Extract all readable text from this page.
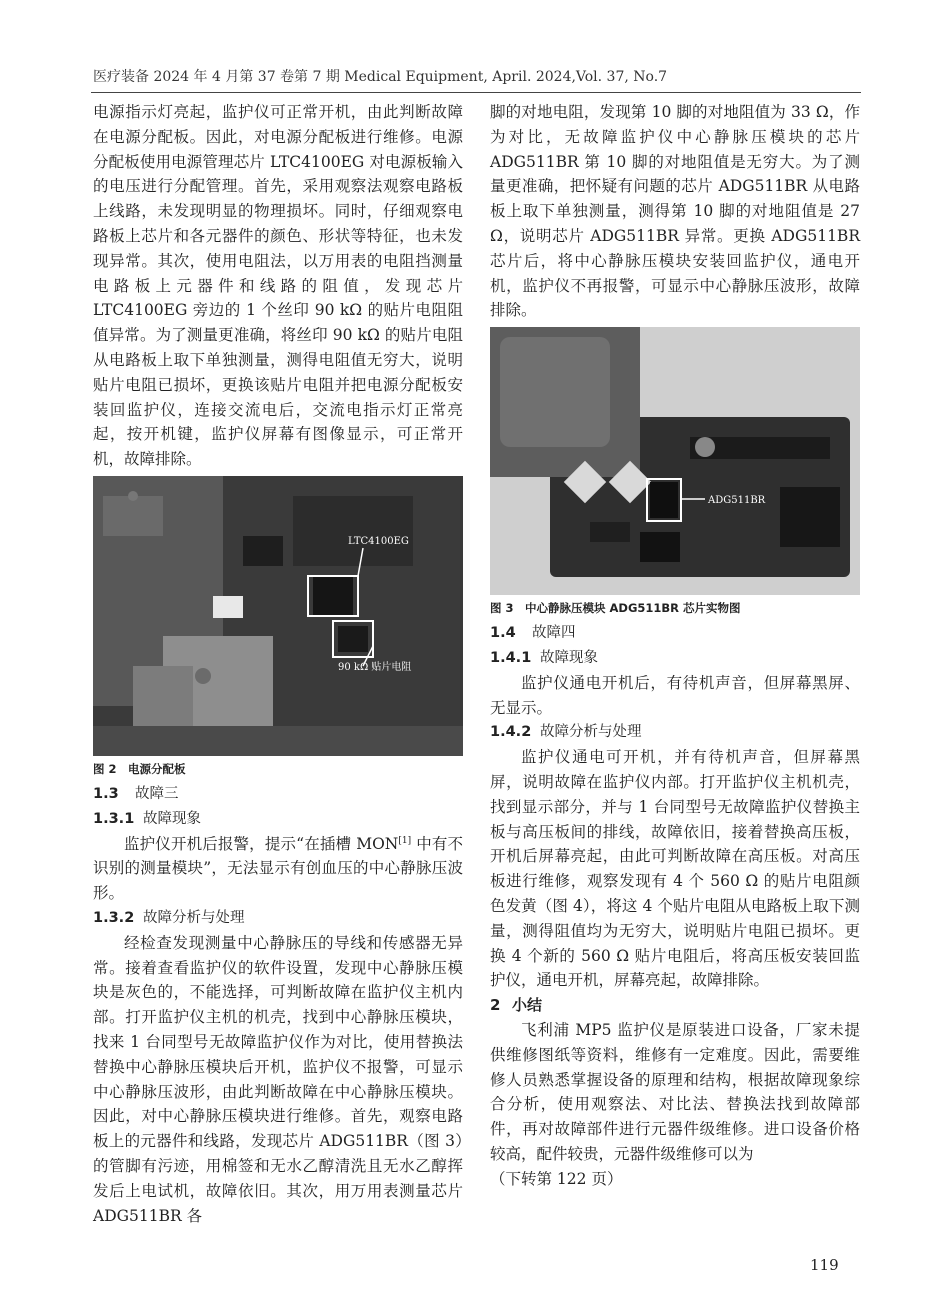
医疗装备 2024 年 4 月第 37 卷第 7 期 Medical Equipment, April. 2024,Vol. 37, No.7

电源指示灯亮起，监护仪可正常开机，由此判断故障在电源分配板。因此，对电源分配板进行维修。电源分配板使用电源管理芯片 LTC4100EG 对电源板输入的电压进行分配管理。首先，采用观察法观察电路板上线路，未发现明显的物理损坏。同时，仔细观察电路板上芯片和各元器件的颜色、形状等特征，也未发现异常。其次，使用电阻法，以万用表的电阻挡测量电路板上元器件和线路的阻值，发现芯片 LTC4100EG 旁边的 1 个丝印 90 kΩ 的贴片电阻阻值异常。为了测量更准确，将丝印 90 kΩ 的贴片电阻从电路板上取下单独测量，测得电阻值无穷大，说明贴片电阻已损坏，更换该贴片电阻并把电源分配板安装回监护仪，连接交流电后，交流电指示灯正常亮起，按开机键，监护仪屏幕有图像显示，可正常开机，故障排除。

LTC4100EG
90 kΩ 贴片电阻

图 2　电源分配板

1.3 故障三

1.3.1 故障现象

监护仪开机后报警，提示“在插槽 MON[1] 中有不识别的测量模块”，无法显示有创血压的中心静脉压波形。

1.3.2 故障分析与处理

经检查发现测量中心静脉压的导线和传感器无异常。接着查看监护仪的软件设置，发现中心静脉压模块是灰色的，不能选择，可判断故障在监护仪主机内部。打开监护仪主机的机壳，找到中心静脉压模块，找来 1 台同型号无故障监护仪作为对比，使用替换法替换中心静脉压模块后开机，监护仪不报警，可显示中心静脉压波形，由此判断故障在中心静脉压模块。因此，对中心静脉压模块进行维修。首先，观察电路板上的元器件和线路，发现芯片 ADG511BR（图 3）的管脚有污迹，用棉签和无水乙醇清洗且无水乙醇挥发后上电试机，故障依旧。其次，用万用表测量芯片 ADG511BR 各

脚的对地电阻，发现第 10 脚的对地阻值为 33 Ω，作为对比，无故障监护仪中心静脉压模块的芯片 ADG511BR 第 10 脚的对地阻值是无穷大。为了测量更准确，把怀疑有问题的芯片 ADG511BR 从电路板上取下单独测量，测得第 10 脚的对地阻值是 27 Ω，说明芯片 ADG511BR 异常。更换 ADG511BR 芯片后，将中心静脉压模块安装回监护仪，通电开机，监护仪不再报警，可显示中心静脉压波形，故障排除。

ADG511BR

图 3　中心静脉压模块 ADG511BR 芯片实物图

1.4 故障四

1.4.1 故障现象

监护仪通电开机后，有待机声音，但屏幕黑屏、无显示。

1.4.2 故障分析与处理

监护仪通电可开机，并有待机声音，但屏幕黑屏，说明故障在监护仪内部。打开监护仪主机机壳，找到显示部分，并与 1 台同型号无故障监护仪替换主板与高压板间的排线，故障依旧，接着替换高压板，开机后屏幕亮起，由此可判断故障在高压板。对高压板进行维修，观察发现有 4 个 560 Ω 的贴片电阻颜色发黄（图 4），将这 4 个贴片电阻从电路板上取下测量，测得阻值均为无穷大，说明贴片电阻已损坏。更换 4 个新的 560 Ω 贴片电阻后，将高压板安装回监护仪，通电开机，屏幕亮起，故障排除。

2 小结

飞利浦 MP5 监护仪是原装进口设备，厂家未提供维修图纸等资料，维修有一定难度。因此，需要维修人员熟悉掌握设备的原理和结构，根据故障现象综合分析，使用观察法、对比法、替换法找到故障部件，再对故障部件进行元器件级维修。进口设备价格较高，配件较贵，元器件级维修可以为

（下转第 122 页）

119
